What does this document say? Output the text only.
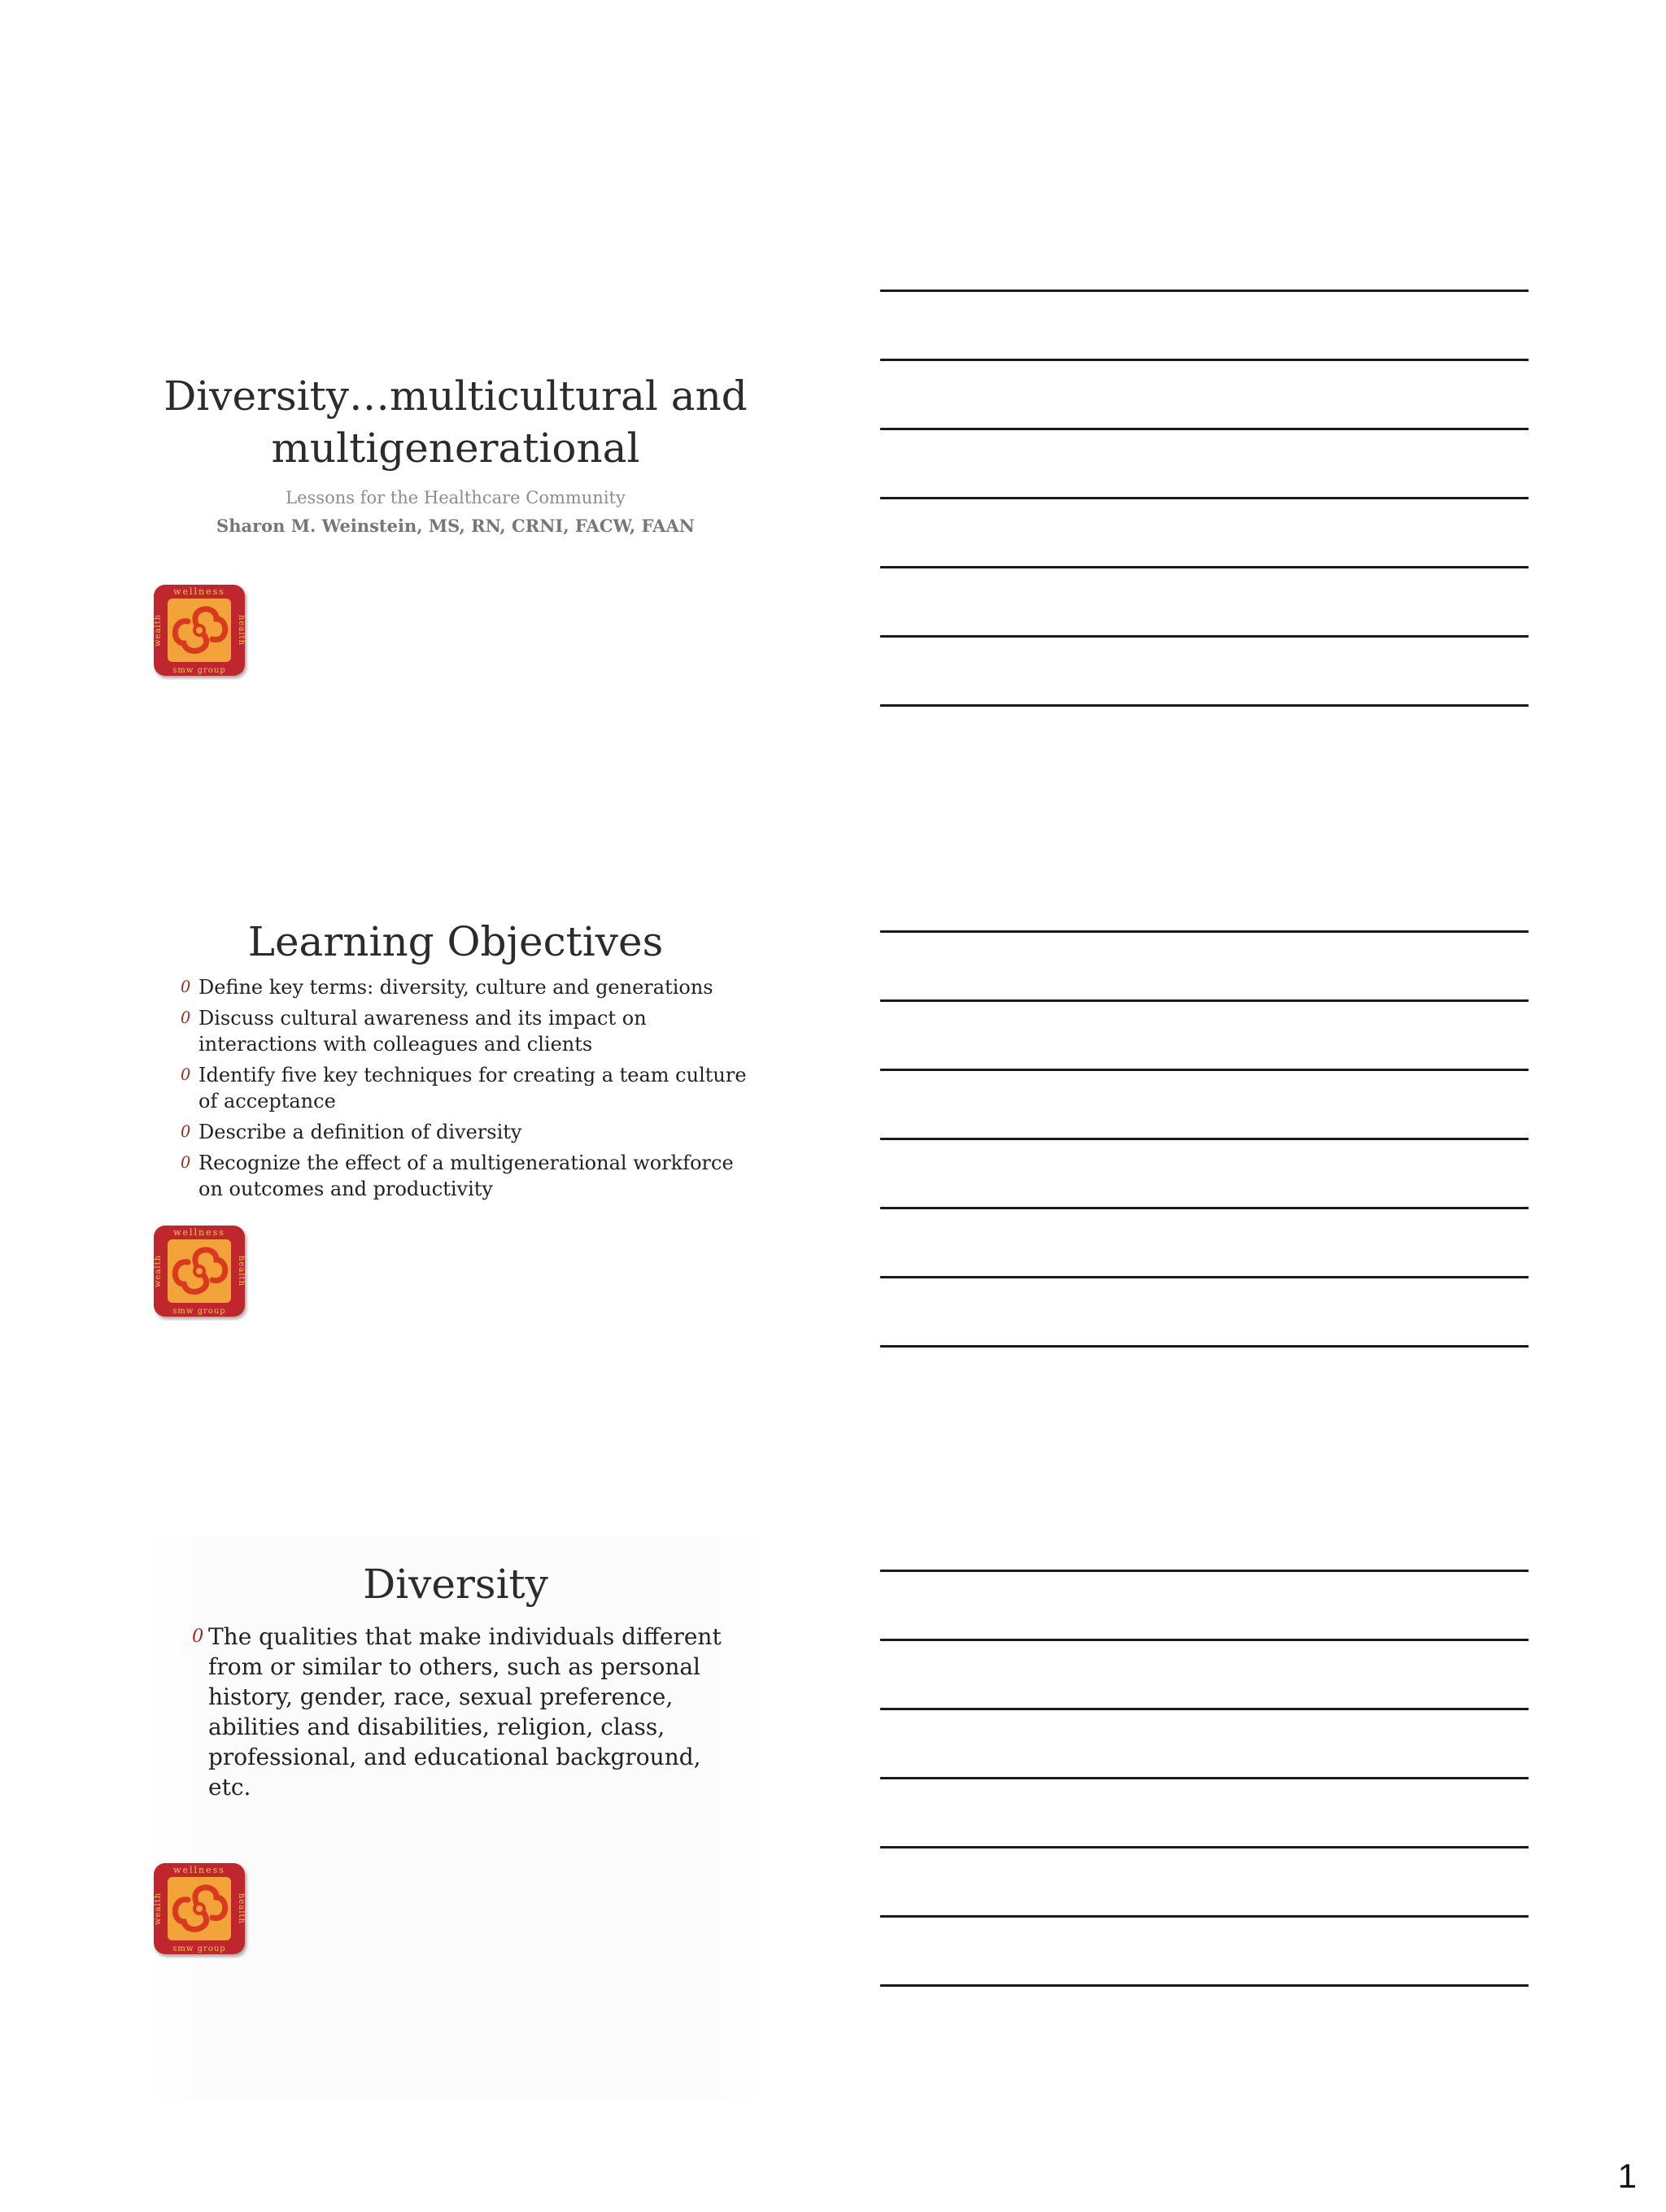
Diversity…multicultural and multigenerational
Lessons for the Healthcare Community
Sharon M. Weinstein, MS, RN, CRNI, FACW, FAAN
wellness
smw group
health
wealth
Learning Objectives
0 Define key terms: diversity, culture and generations
0 Discuss cultural awareness and its impact on interactions with colleagues and clients
0 Identify five key techniques for creating a team culture of acceptance
0 Describe a definition of diversity
0 Recognize the effect of a multigenerational workforce on outcomes and productivity
wellness
smw group
health
wealth
Diversity
0 The qualities that make individuals different from or similar to others, such as personal history, gender, race, sexual preference, abilities and disabilities, religion, class, professional, and educational background, etc.
wellness
smw group
health
wealth
1
